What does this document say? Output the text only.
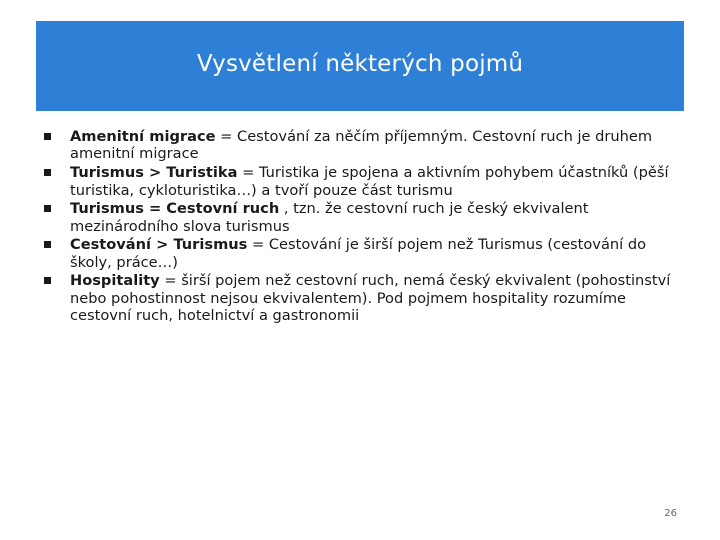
Vysvětlení některých pojmů
Amenitní migrace = Cestování za něčím příjemným. Cestovní ruch je druhem amenitní migrace
Turismus > Turistika = Turistika je spojena a aktivním pohybem účastníků (pěší turistika, cykloturistika…) a tvoří pouze část turismu
Turismus = Cestovní ruch , tzn. že cestovní ruch je český ekvivalent mezinárodního slova turismus
Cestování > Turismus = Cestování je širší pojem než Turismus (cestování do školy, práce…)
Hospitality = širší pojem než cestovní ruch, nemá český ekvivalent (pohostinství nebo pohostinnost nejsou ekvivalentem). Pod pojmem hospitality rozumíme cestovní ruch, hotelnictví a gastronomii
26
